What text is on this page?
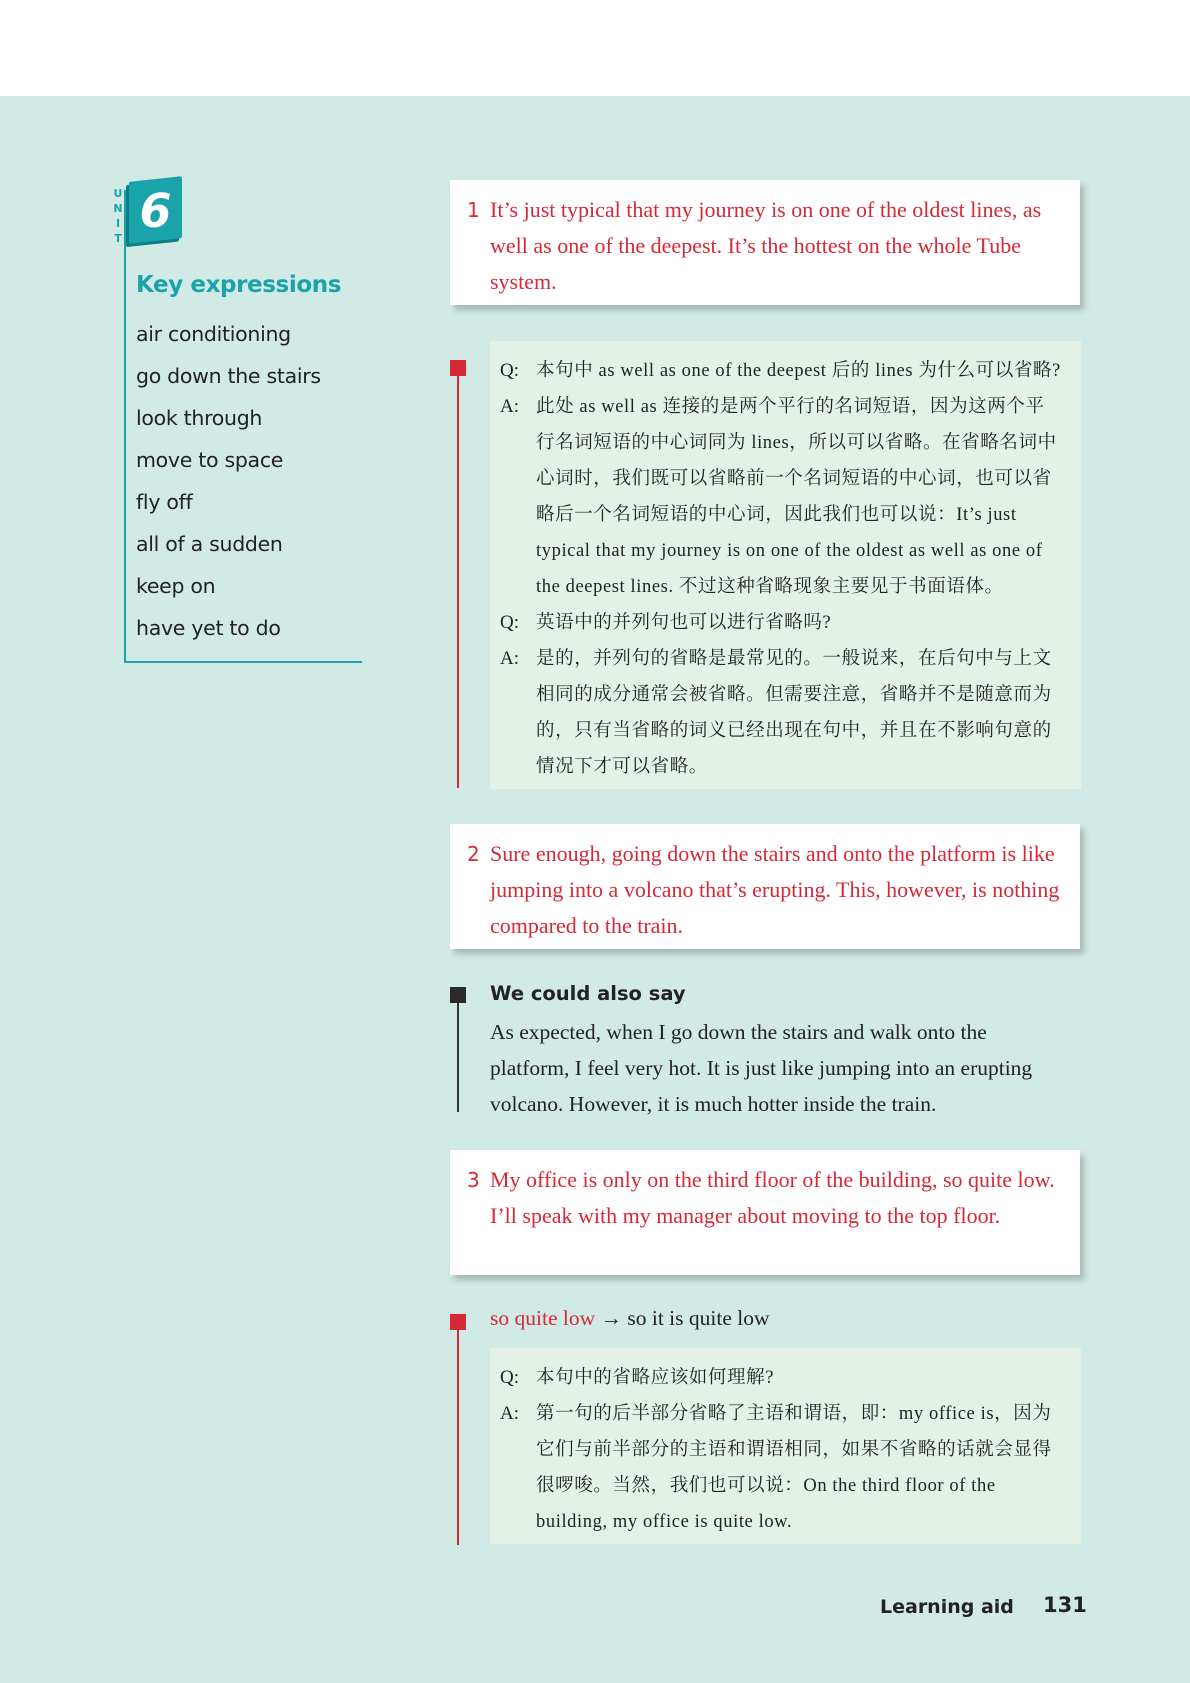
U
N
I
T
6
Key expressions
air conditioning
go down the stairs
look through
move to space
fly off
all of a sudden
keep on
have yet to do
1 It’s just typical that my journey is on one of the oldest lines, as well as one of the deepest. It’s the hottest on the whole Tube system.

Q: 本句中 as well as one of the deepest 后的 lines 为什么可以省略?
A: 此处 as well as 连接的是两个平行的名词短语，因为这两个平行名词短语的中心词同为 lines，所以可以省略。在省略名词中心词时，我们既可以省略前一个名词短语的中心词，也可以省略后一个名词短语的中心词，因此我们也可以说：It’s just typical that my journey is on one of the oldest as well as one of the deepest lines. 不过这种省略现象主要见于书面语体。
Q: 英语中的并列句也可以进行省略吗?
A: 是的，并列句的省略是最常见的。一般说来，在后句中与上文相同的成分通常会被省略。但需要注意，省略并不是随意而为的，只有当省略的词义已经出现在句中，并且在不影响句意的情况下才可以省略。
2 Sure enough, going down the stairs and onto the platform is like jumping into a volcano that’s erupting. This, however, is nothing compared to the train.

We could also say

As expected, when I go down the stairs and walk onto the platform, I feel very hot. It is just like jumping into an erupting volcano. However, it is much hotter inside the train.

3 My office is only on the third floor of the building, so quite low. I’ll speak with my manager about moving to the top floor.

so quite low → so it is quite low
Q: 本句中的省略应该如何理解?
A: 第一句的后半部分省略了主语和谓语，即：my office is，因为它们与前半部分的主语和谓语相同，如果不省略的话就会显得很啰唆。当然，我们也可以说：On the third floor of the building, my office is quite low.
Learning aid 131
